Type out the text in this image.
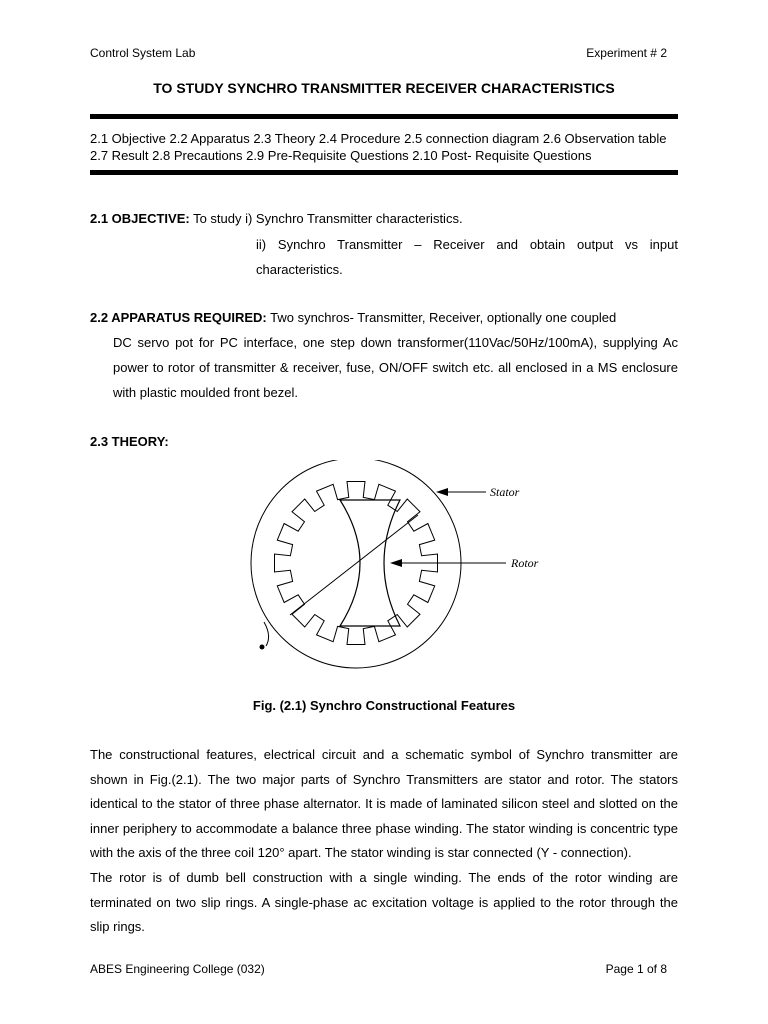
Control System Lab	Experiment # 2
TO STUDY SYNCHRO TRANSMITTER RECEIVER CHARACTERISTICS
2.1 Objective 2.2 Apparatus 2.3 Theory 2.4 Procedure 2.5 connection diagram 2.6 Observation table 2.7 Result 2.8 Precautions 2.9 Pre-Requisite Questions 2.10 Post- Requisite Questions
2.1 OBJECTIVE: To study i) Synchro Transmitter characteristics.
ii) Synchro Transmitter – Receiver and obtain output vs input characteristics.
2.2 APPARATUS REQUIRED: Two synchros- Transmitter, Receiver, optionally one coupled
DC servo pot for PC interface, one step down transformer(110Vac/50Hz/100mA), supplying Ac power to rotor of transmitter & receiver, fuse, ON/OFF switch etc. all enclosed in a MS enclosure with plastic moulded front bezel.
2.3 THEORY:
Stator
Rotor
Fig. (2.1) Synchro Constructional Features

The constructional features, electrical circuit and a schematic symbol of Synchro transmitter are shown in Fig.(2.1). The two major parts of Synchro Transmitters are stator and rotor. The stators identical to the stator of three phase alternator. It is made of laminated silicon steel and slotted on the inner periphery to accommodate a balance three phase winding. The stator winding is concentric type with the axis of the three coil 120° apart. The stator winding is star connected (Y - connection).

The rotor is of dumb bell construction with a single winding. The ends of the rotor winding are terminated on two slip rings. A single-phase ac excitation voltage is applied to the rotor through the slip rings.

ABES Engineering College (032)	Page 1 of 8
